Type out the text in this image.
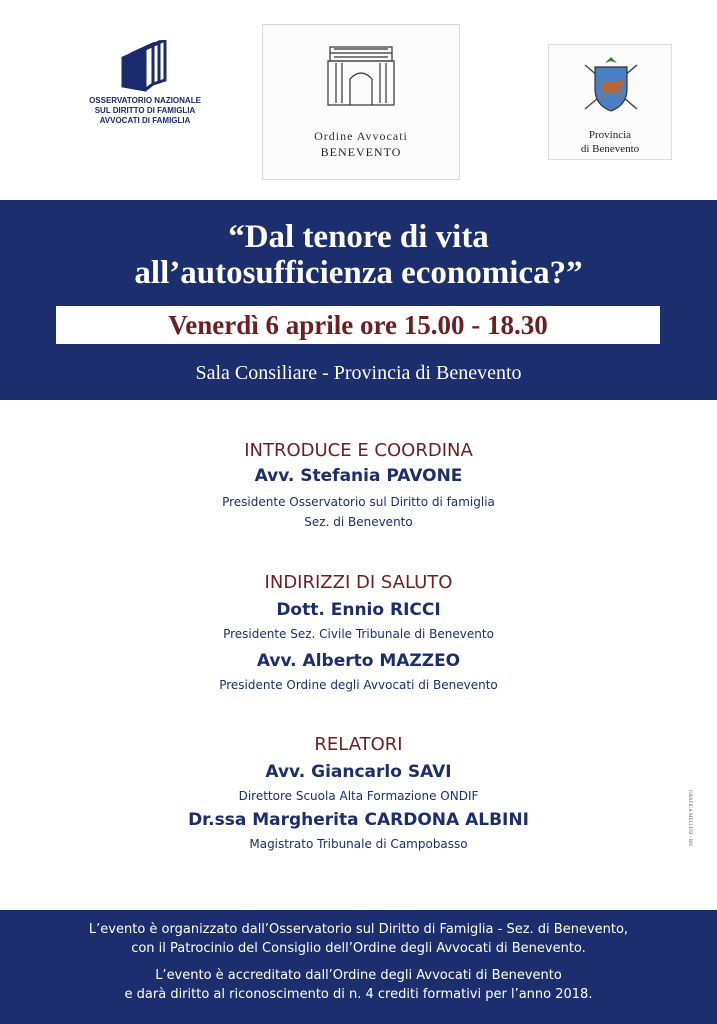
OSSERVATORIO NAZIONALE
SUL DIRITTO DI FAMIGLIA
AVVOCATI DI FAMIGLIA
Ordine Avvocati
BENEVENTO
Provincia
di Benevento
“Dal tenore di vita
all’autosufficienza economica?”
Venerdì 6 aprile ore 15.00 - 18.30
Sala Consiliare - Provincia di Benevento
INTRODUCE E COORDINA
Avv. Stefania PAVONE
Presidente Osservatorio sul Diritto di famiglia
Sez. di Benevento
INDIRIZZI DI SALUTO
Dott. Ennio RICCI
Presidente Sez. Civile Tribunale di Benevento
Avv. Alberto MAZZEO
Presidente Ordine degli Avvocati di Benevento
RELATORI
Avv. Giancarlo SAVI
Direttore Scuola Alta Formazione ONDIF
Dr.ssa Margherita CARDONA ALBINI
Magistrato Tribunale di Campobasso	GRAFICA MELLUSI - BN
L’evento è organizzato dall’Osservatorio sul Diritto di Famiglia - Sez. di Benevento,
con il Patrocinio del Consiglio dell’Ordine degli Avvocati di Benevento.
L’evento è accreditato dall’Ordine degli Avvocati di Benevento
e darà diritto al riconoscimento di n. 4 crediti formativi per l’anno 2018.
